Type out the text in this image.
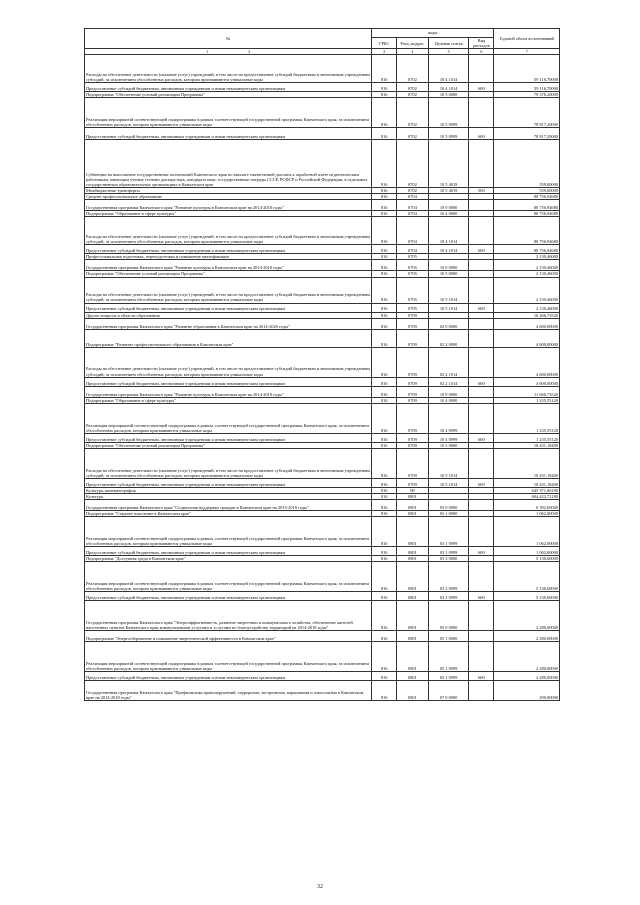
№	коды				Годовой объем ассигнований
	ГРБС	Разд.,подраз.	Целевая статья	Вид расходов	
1 2	3	4	5	6	7
Расходы на обеспечение деятельности (оказание услуг) учреждений, в том числе на предоставление субсидий бюджетным и автономным учреждениям субсидий, за исключением обособленных расходов, которым присваиваются уникальные коды	816	0702	10 4 1014		59 116,70000
Предоставление субсидий бюджетным, автономным учреждениям и иным некоммерческим организациям	816	0702	10 4 1014	600	59 116,70000
Подпрограмма "Обеспечение условий реализации Программы"	816	0702	10 5 0000		79 376,20000
Реализация мероприятий соответствующей подпрограммы в рамках соответствующей государственной программы Камчатского края, за исключением обособленных расходов, которым присваиваются уникальные коды	816	0702	10 5 0999		78 817,20000
Предоставление субсидий бюджетным, автономным учреждениям и иным некоммерческим организациям	816	0702	10 5 0999	600	78 817,20000
Субвенции на выполнение государственных полномочий Камчатского края по выплате ежемесячной доплаты к заработной плате педагогическим работникам, имеющим ученые степени доктора наук, кандидата наук, государственные награды СССР, РСФСР и Российской Федерации, в отдельных государственных образовательных организациях в Камчатском крае	816	0702	10 5 4019		559,00000
Межбюджетные трансферты	816	0702	10 5 4019	500	559,00000
Среднее профессиональное образование	816	0704			80 756,94680
Государственная программа Камчатского края "Развитие культуры в Камчатском крае на 2014-2018 годы"	816	0704	10 0 0000		80 756,94680
Подпрограмма "Образование в сфере культуры"	816	0704	10 4 0000		80 756,94680
Расходы на обеспечение деятельности (оказание услуг) учреждений, в том числе на предоставление субсидий бюджетным и автономным учреждениям субсидий, за исключением обособленных расходов, которым присваиваются уникальные коды	816	0704	10 4 1014		80 756,94680
Предоставление субсидий бюджетным, автономным учреждениям и иным некоммерческим организациям	816	0704	10 4 1014	600	80 756,94680
Профессиональная подготовка, переподготовка и повышение квалификации	816	0705			2 130,46000
Государственная программа Камчатского края "Развитие культуры в Камчатском крае на 2014-2018 годы"	816	0705	10 0 0000		2 130,46000
Подпрограмма "Обеспечение условий реализации Программы"	816	0705	10 5 0000		2 130,46000
Расходы на обеспечение деятельности (оказание услуг) учреждений, в том числе на предоставление субсидий бюджетным и автономным учреждениям субсидий, за исключением обособленных расходов, которым присваиваются уникальные коды	816	0705	10 5 1014		2 130,46000
Предоставление субсидий бюджетным, автономным учреждениям и иным некоммерческим организациям	816	0705	10 5 1014	600	2 130,46000
Другие вопросы в области образования	816	0709			16 266,73520
Государственная программа Камчатского края "Развитие образования в Камчатском крае на 2014-2020 годы"	816	0709	02 0 0000		4 600,00000
Подпрограмма "Развитие профессионального образования в Камчатском крае"	816	0709	02 2 0000		4 600,00000
Расходы на обеспечение деятельности (оказание услуг) учреждений, в том числе на предоставление субсидий бюджетным и автономным учреждениям субсидий, за исключением обособленных расходов, которым присваиваются уникальные коды	816	0709	02 2 1014		4 600,00000
Предоставление субсидий бюджетным, автономным учреждениям и иным некоммерческим организациям	816	0709	02 2 1014	600	4 600,00000
Государственная программа Камчатского края "Развитие культуры в Камчатском крае на 2014-2018 годы"	816	0709	10 0 0000		11 666,73520
Подпрограмма "Образование в сфере культуры"	816	0709	10 4 0000		1 235,55120
Реализация мероприятий соответствующей подпрограммы в рамках соответствующей государственной программы Камчатского края, за исключением обособленных расходов, которым присваиваются уникальные коды	816	0709	10 4 0999		1 235,55120
Предоставление субсидий бюджетным, автономным учреждениям и иным некоммерческим организациям	816	0709	10 4 0999	600	1 235,55120
Подпрограмма "Обеспечение условий реализации Программы"	816	0709	10 5 0000		10 431,18400
Расходы на обеспечение деятельности (оказание услуг) учреждений, в том числе на предоставление субсидий бюджетным и автономным учреждениям субсидий, за исключением обособленных расходов, которым присваиваются уникальные коды	816	0709	10 5 1014		10 431,18400
Предоставление субсидий бюджетным, автономным учреждениям и иным некоммерческим организациям	816	0709	10 5 1014	600	10 431,18400
Культура, кинематография	816	08			645 371,06180
Культура	816	0801			604 422,72180
Государственная программа Камчатского края "Социальная поддержка граждан в Камчатском крае на 2015-2018 годы"	816	0801	03 0 0000		6 392,60000
Подпрограмма "Старшее поколение в Камчатском крае"	816	0801	03 1 0000		1 062,00000
Реализация мероприятий соответствующей подпрограммы в рамках соответствующей государственной программы Камчатского края, за исключением обособленных расходов, которым присваиваются уникальные коды	816	0801	03 1 0999		1 062,00000
Предоставление субсидий бюджетным, автономным учреждениям и иным некоммерческим организациям	816	0801	03 1 0999	600	1 062,00000
Подпрограмма "Доступная среда в Камчатском крае"	816	0801	03 3 0000		5 130,60000
Реализация мероприятий соответствующей подпрограммы в рамках соответствующей государственной программы Камчатского края, за исключением обособленных расходов, которым присваиваются уникальные коды	816	0801	03 3 0999		5 130,60000
Предоставление субсидий бюджетным, автономным учреждениям и иным некоммерческим организациям	816	0801	03 3 0999	600	5 130,60000
Государственная программа Камчатского края "Энергоэффективность, развитие энергетики и коммунального хозяйства, обеспечение жителей населенных пунктов Камчатского края коммунальными услугами и услугами по благоустройству территорий на 2014-2018 годы"	816	0801	05 0 0000		2 280,00000
Подпрограмма "Энергосбережение и повышение энергетической эффективности в Камчатском крае"	816	0801	05 1 0000		2 280,00000
Реализация мероприятий соответствующей подпрограммы в рамках соответствующей государственной программы Камчатского края, за исключением обособленных расходов, которым присваиваются уникальные коды	816	0801	05 1 0999		2 280,00000
Предоставление субсидий бюджетным, автономным учреждениям и иным некоммерческим организациям	816	0801	05 1 0999	600	2 280,00000
Государственная программа Камчатского края "Профилактика правонарушений, терроризма, экстремизма, наркомании и алкоголизма в Камчатском крае на 2014-2018 годы"	816	0801	07 0 0000		290,00000
32
